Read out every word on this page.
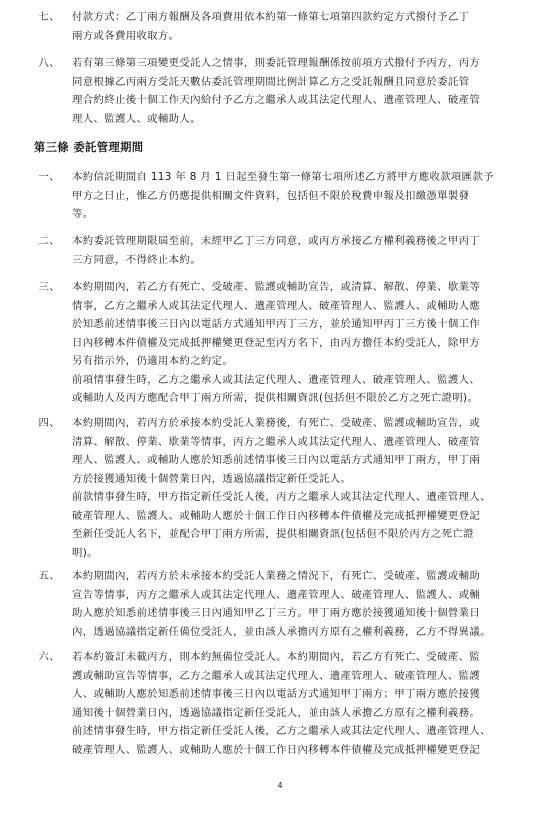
七、 付款方式：乙丁兩方報酬及各項費用依本約第一條第七項第四款約定方式撥付予乙丁

兩方或各費用收取方。

八、 若有第三條第三項變更受託人之情事，則委託管理報酬係按前項方式撥付予丙方，丙方

同意根據乙丙兩方受託天數佔委託管理期間比例計算乙方之受託報酬且同意於委託管

理合約終止後十個工作天內給付予乙方之繼承人或其法定代理人、遺產管理人、破產管

理人、監護人、或輔助人。

第三條 委託管理期間
一、 本約信託期間自 113 年 8 月 1 日起至發生第一條第七項所述乙方將甲方應收款項匯款予

甲方之日止，惟乙方仍應提供相關文件資料，包括但不限於稅費申報及扣繳憑單製發

等。

二、 本約委託管理期限屆至前，未經甲乙丁三方同意，或丙方承接乙方權利義務後之甲丙丁

三方同意，不得終止本約。

三、 本約期間內，若乙方有死亡、受破產、監護或輔助宣告，或清算、解散、停業、歇業等

情事，乙方之繼承人或其法定代理人、遺產管理人、破產管理人、監護人、或輔助人應

於知悉前述情事後三日內以電話方式通知甲丙丁三方，並於通知甲丙丁三方後十個工作

日內移轉本件債權及完成抵押權變更登記至丙方名下，由丙方擔任本約受託人，除甲方

另有指示外，仍適用本約之約定。

前項情事發生時，乙方之繼承人或其法定代理人、遺產管理人、破產管理人、監護人、

或輔助人及丙方應配合甲丁兩方所需，提供相關資訊(包括但不限於乙方之死亡證明)。

四、 本約期間內，若丙方於承接本約受託人業務後，有死亡、受破產、監護或輔助宣告，或

清算、解散、停業、歇業等情事，丙方之繼承人或其法定代理人、遺產管理人、破產管

理人、監護人、或輔助人應於知悉前述情事後三日內以電話方式通知甲丁兩方，甲丁兩

方於接獲通知後十個營業日內，透過協議指定新任受託人。

前款情事發生時，甲方指定新任受託人後，丙方之繼承人或其法定代理人、遺產管理人、

破產管理人、監護人、或輔助人應於十個工作日內移轉本件債權及完成抵押權變更登記

至新任受託人名下，並配合甲丁兩方所需，提供相關資訊(包括但不限於丙方之死亡證

明)。

五、 本約期間內，若丙方於未承接本約受託人業務之情況下，有死亡、受破產、監護或輔助

宣告等情事，丙方之繼承人或其法定代理人、遺產管理人、破產管理人、監護人、或輔

助人應於知悉前述情事後三日內通知甲乙丁三方。甲丁兩方應於接獲通知後十個營業日

內，透過協議指定新任備位受託人，並由該人承擔丙方原有之權利義務，乙方不得異議。

六、 若本約簽訂未載丙方，則本約無備位受託人。本約期間內，若乙方有死亡、受破產、監

護或輔助宣告等情事，乙方之繼承人或其法定代理人、遺產管理人、破產管理人、監護

人、或輔助人應於知悉前述情事後三日內以電話方式通知甲丁兩方；甲丁兩方應於接獲

通知後十個營業日內，透過協議指定新任受託人，並由該人承擔乙方原有之權利義務。

前述情事發生時，甲方指定新任受託人後，乙方之繼承人或其法定代理人、遺產管理人、

破產管理人、監護人、或輔助人應於十個工作日內移轉本件債權及完成抵押權變更登記

4
